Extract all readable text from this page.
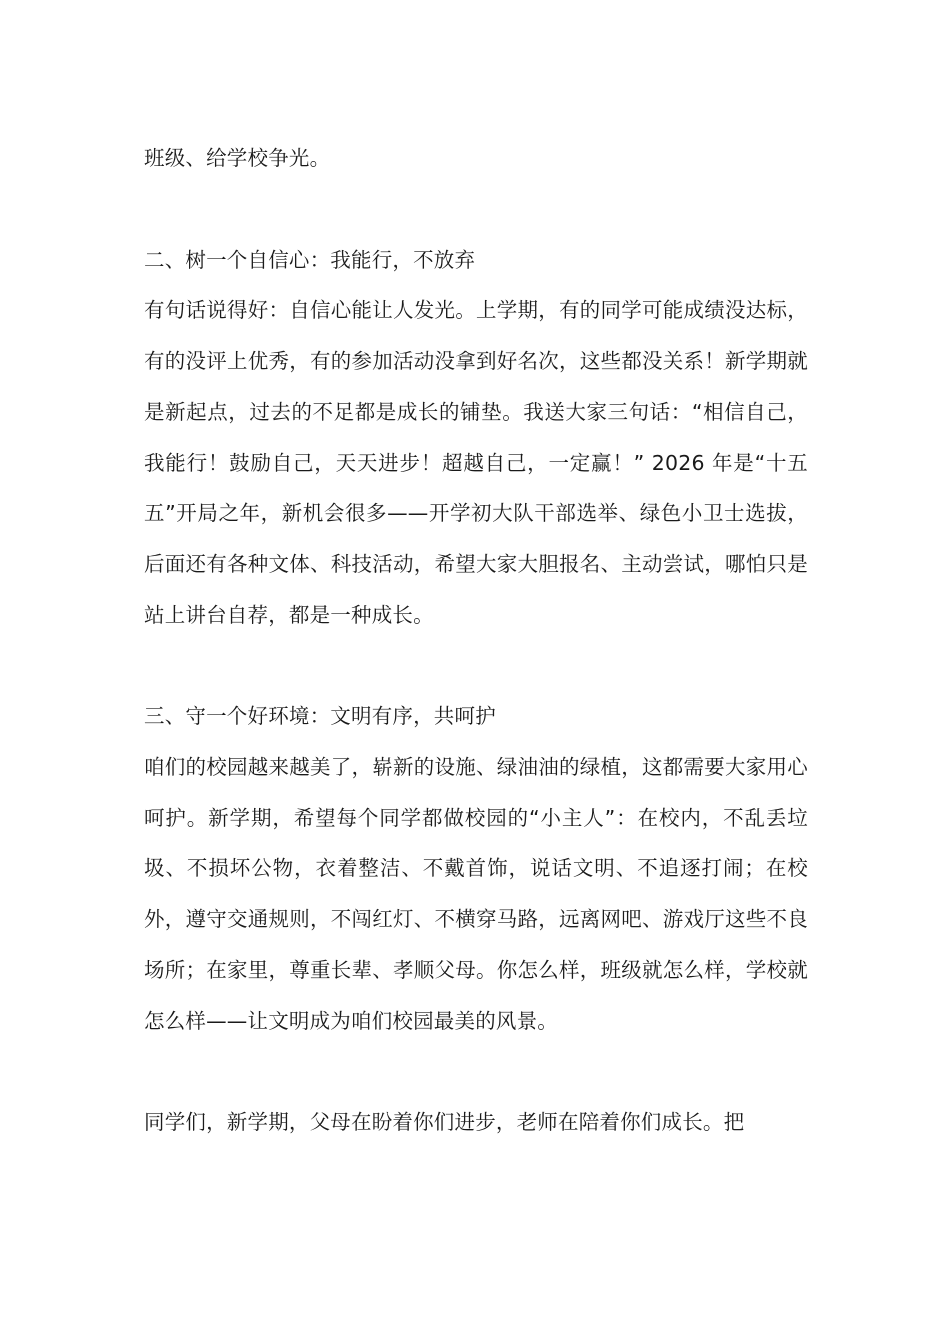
班级、给学校争光。

二、树一个自信心：我能行，不放弃

有句话说得好：自信心能让人发光。上学期，有的同学可能成绩没达标，有的没评上优秀，有的参加活动没拿到好名次，这些都没关系！新学期就是新起点，过去的不足都是成长的铺垫。我送大家三句话：“相信自己，我能行！鼓励自己，天天进步！超越自己，一定赢！” 2026 年是“十五五”开局之年，新机会很多——开学初大队干部选举、绿色小卫士选拔，后面还有各种文体、科技活动，希望大家大胆报名、主动尝试，哪怕只是站上讲台自荐，都是一种成长。

三、守一个好环境：文明有序，共呵护

咱们的校园越来越美了，崭新的设施、绿油油的绿植，这都需要大家用心呵护。新学期，希望每个同学都做校园的“小主人”：在校内，不乱丢垃圾、不损坏公物，衣着整洁、不戴首饰，说话文明、不追逐打闹；在校外，遵守交通规则，不闯红灯、不横穿马路，远离网吧、游戏厅这些不良场所；在家里，尊重长辈、孝顺父母。你怎么样，班级就怎么样，学校就怎么样——让文明成为咱们校园最美的风景。

同学们，新学期，父母在盼着你们进步，老师在陪着你们成长。把
